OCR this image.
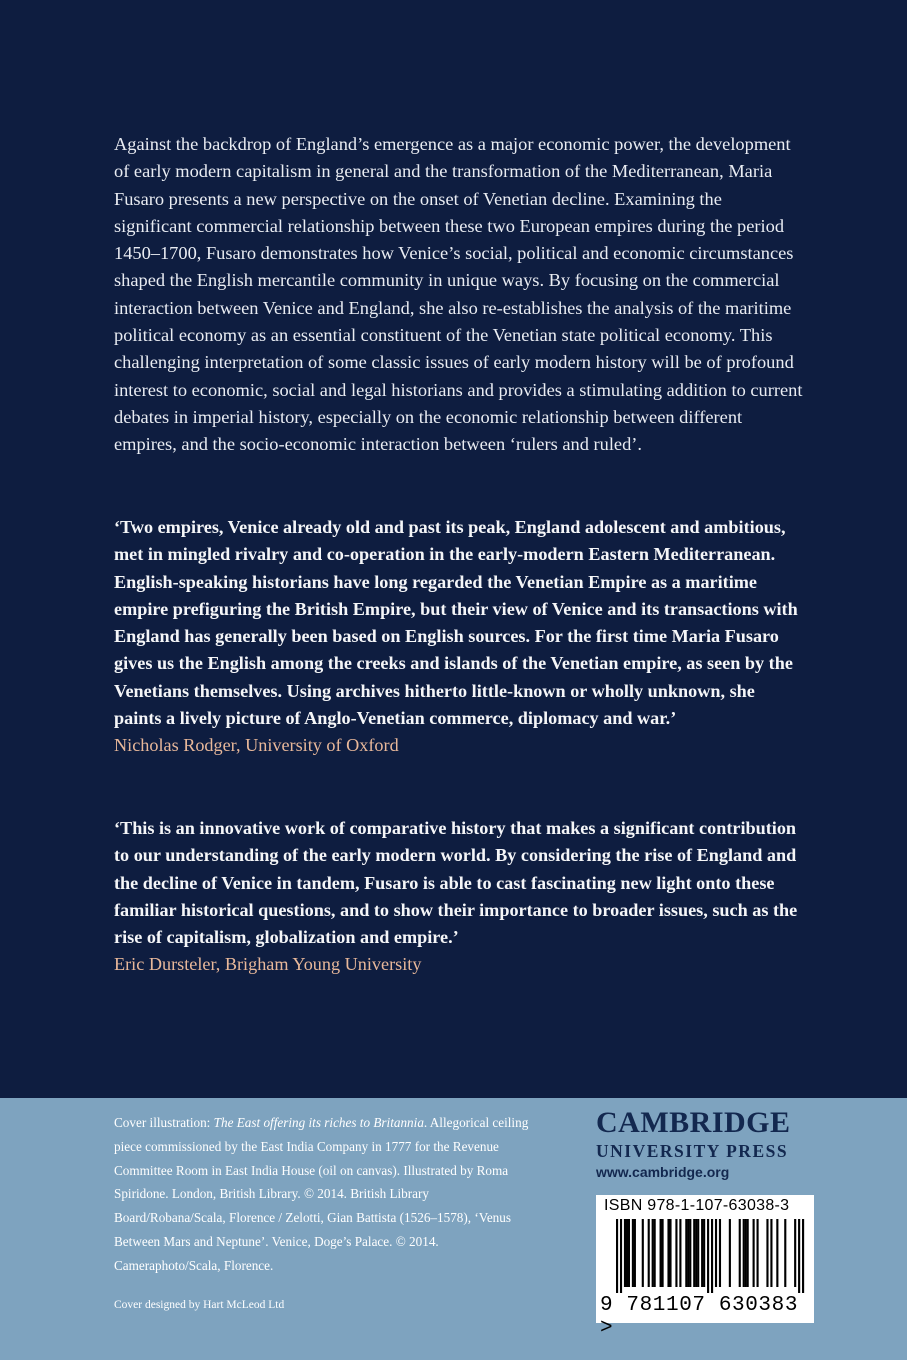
Against the backdrop of England’s emergence as a major economic power, the development of early modern capitalism in general and the transformation of the Mediterranean, Maria Fusaro presents a new perspective on the onset of Venetian decline. Examining the significant commercial relationship between these two European empires during the period 1450–1700, Fusaro demonstrates how Venice’s social, political and economic circumstances shaped the English mercantile community in unique ways. By focusing on the commercial interaction between Venice and England, she also re-establishes the analysis of the maritime political economy as an essential constituent of the Venetian state political economy. This challenging interpretation of some classic issues of early modern history will be of profound interest to economic, social and legal historians and provides a stimulating addition to current debates in imperial history, especially on the economic relationship between different empires, and the socio-economic interaction between ‘rulers and ruled’.

‘Two empires, Venice already old and past its peak, England adolescent and ambitious, met in mingled rivalry and co-operation in the early-modern Eastern Mediterranean. English-speaking historians have long regarded the Venetian Empire as a maritime empire prefiguring the British Empire, but their view of Venice and its transactions with England has generally been based on English sources. For the first time Maria Fusaro gives us the English among the creeks and islands of the Venetian empire, as seen by the Venetians themselves. Using archives hitherto little-known or wholly unknown, she paints a lively picture of Anglo-Venetian commerce, diplomacy and war.’
Nicholas Rodger, University of Oxford

‘This is an innovative work of comparative history that makes a significant contribution to our understanding of the early modern world. By considering the rise of England and the decline of Venice in tandem, Fusaro is able to cast fascinating new light onto these familiar historical questions, and to show their importance to broader issues, such as the rise of capitalism, globalization and empire.’
Eric Dursteler, Brigham Young University

Cover illustration: The East offering its riches to Britannia. Allegorical ceiling piece commissioned by the East India Company in 1777 for the Revenue Committee Room in East India House (oil on canvas). Illustrated by Roma Spiridone. London, British Library. © 2014. British Library Board/Robana/Scala, Florence / Zelotti, Gian Battista (1526–1578), ‘Venus Between Mars and Neptune’. Venice, Doge’s Palace. © 2014. Cameraphoto/Scala, Florence.

Cover designed by Hart McLeod Ltd

CAMBRIDGE
UNIVERSITY PRESS
www.cambridge.org
ISBN 978-1-107-63038-3
9 781107 630383 >
